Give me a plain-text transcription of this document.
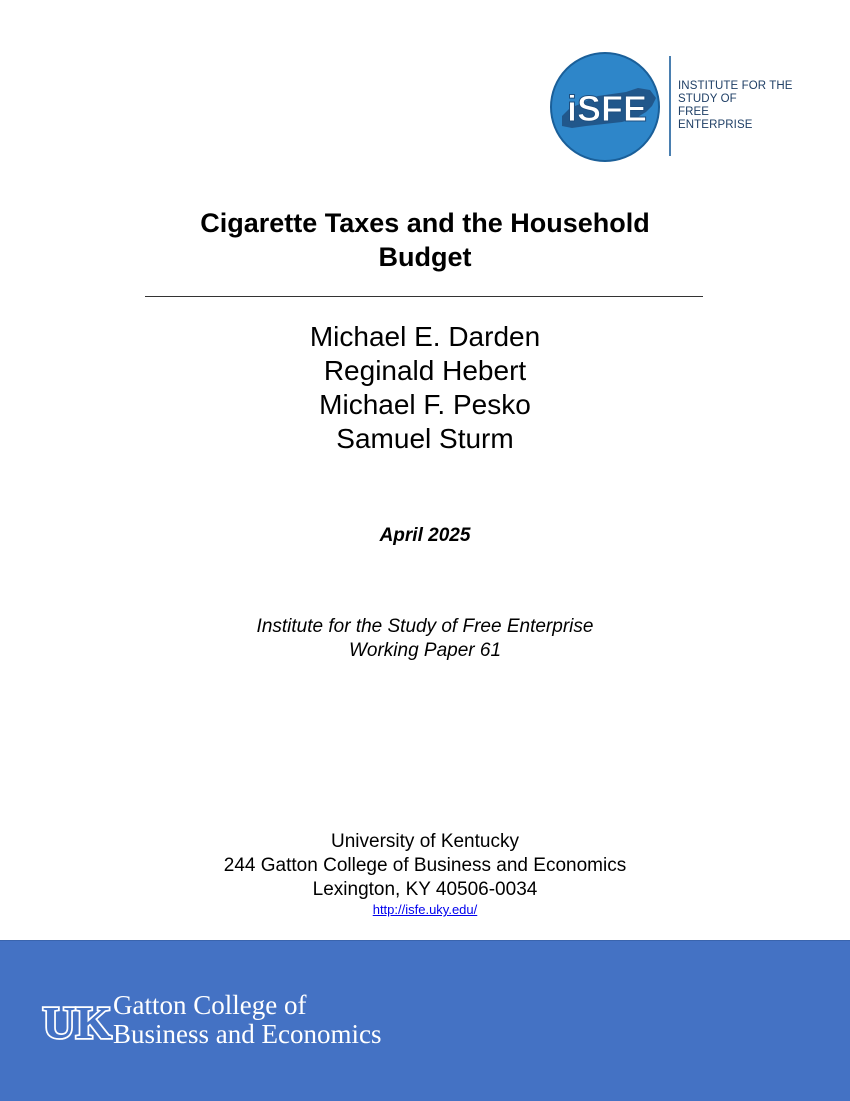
iSFE
INSTITUTE FOR THE
STUDY OF
FREE
ENTERPRISE
Cigarette Taxes and the Household
Budget
Michael E. Darden
Reginald Hebert
Michael F. Pesko
Samuel Sturm
April 2025
Institute for the Study of Free Enterprise
Working Paper 61
University of Kentucky
244 Gatton College of Business and Economics
Lexington, KY 40506-0034
http://isfe.uky.edu/
UK Gatton College of
Business and Economics
